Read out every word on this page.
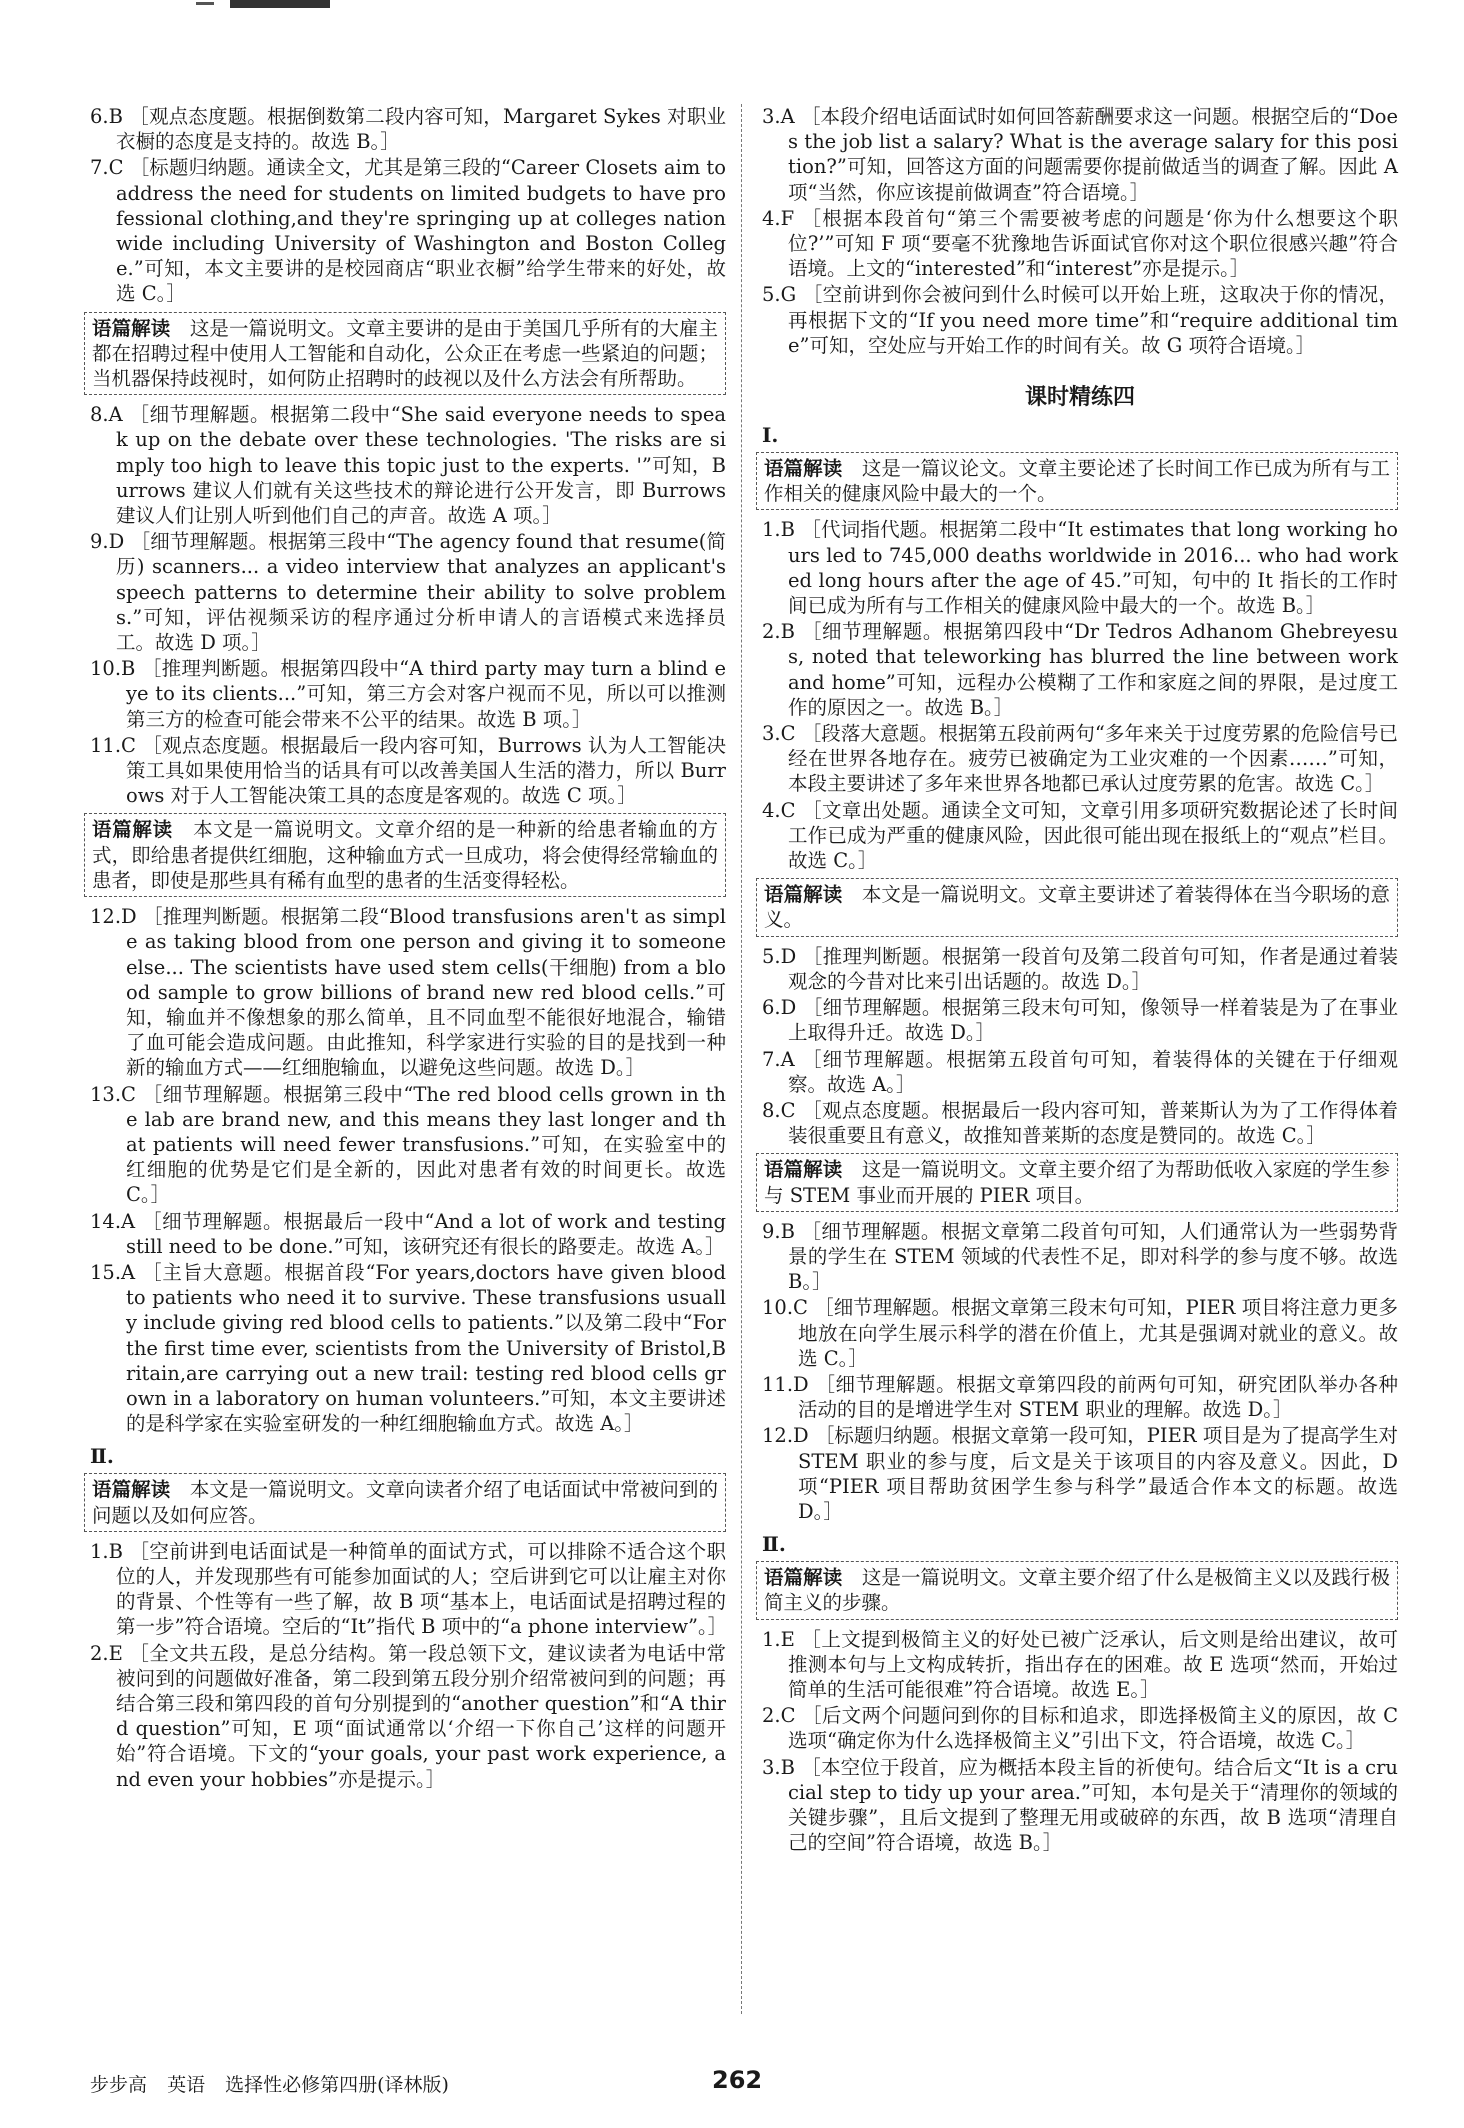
6.B ［观点态度题。根据倒数第二段内容可知，Margaret Sykes 对职业衣橱的态度是支持的。故选 B。］

7.C ［标题归纳题。通读全文，尤其是第三段的“Career Closets aim to address the need for students on limited budgets to have professional clothing,and they're springing up at colleges nationwide including University of Washington and Boston College.”可知，本文主要讲的是校园商店“职业衣橱”给学生带来的好处，故选 C。］

语篇解读　 这是一篇说明文。文章主要讲的是由于美国几乎所有的大雇主都在招聘过程中使用人工智能和自动化，公众正在考虑一些紧迫的问题；当机器保持歧视时，如何防止招聘时的歧视以及什么方法会有所帮助。

8.A ［细节理解题。根据第二段中“She said everyone needs to speak up on the debate over these technologies. 'The risks are simply too high to leave this topic just to the experts. '”可知，Burrows 建议人们就有关这些技术的辩论进行公开发言，即 Burrows 建议人们让别人听到他们自己的声音。故选 A 项。］

9.D ［细节理解题。根据第三段中“The agency found that resume(简历) scanners... a video interview that analyzes an applicant's speech patterns to determine their ability to solve problems.”可知，评估视频采访的程序通过分析申请人的言语模式来选择员工。故选 D 项。］

10.B ［推理判断题。根据第四段中“A third party may turn a blind eye to its clients...”可知，第三方会对客户视而不见，所以可以推测第三方的检查可能会带来不公平的结果。故选 B 项。］

11.C ［观点态度题。根据最后一段内容可知，Burrows 认为人工智能决策工具如果使用恰当的话具有可以改善美国人生活的潜力，所以 Burrows 对于人工智能决策工具的态度是客观的。故选 C 项。］

语篇解读　 本文是一篇说明文。文章介绍的是一种新的给患者输血的方式，即给患者提供红细胞，这种输血方式一旦成功，将会使得经常输血的患者，即使是那些具有稀有血型的患者的生活变得轻松。

12.D ［推理判断题。根据第二段“Blood transfusions aren't as simple as taking blood from one person and giving it to someone else... The scientists have used stem cells(干细胞) from a blood sample to grow billions of brand new red blood cells.”可知，输血并不像想象的那么简单，且不同血型不能很好地混合，输错了血可能会造成问题。由此推知，科学家进行实验的目的是找到一种新的输血方式——红细胞输血，以避免这些问题。故选 D。］

13.C ［细节理解题。根据第三段中“The red blood cells grown in the lab are brand new, and this means they last longer and that patients will need fewer transfusions.”可知，在实验室中的红细胞的优势是它们是全新的，因此对患者有效的时间更长。故选 C。］

14.A ［细节理解题。根据最后一段中“And a lot of work and testing still need to be done.”可知，该研究还有很长的路要走。故选 A。］

15.A ［主旨大意题。根据首段“For years,doctors have given blood to patients who need it to survive. These transfusions usually include giving red blood cells to patients.”以及第二段中“For the first time ever, scientists from the University of Bristol,Britain,are carrying out a new trail: testing red blood cells grown in a laboratory on human volunteers.”可知，本文主要讲述的是科学家在实验室研发的一种红细胞输血方式。故选 A。］

Ⅱ.
语篇解读　 本文是一篇说明文。文章向读者介绍了电话面试中常被问到的问题以及如何应答。

1.B ［空前讲到电话面试是一种简单的面试方式，可以排除不适合这个职位的人，并发现那些有可能参加面试的人；空后讲到它可以让雇主对你的背景、个性等有一些了解，故 B 项“基本上，电话面试是招聘过程的第一步”符合语境。空后的“It”指代 B 项中的“a phone interview”。］

2.E ［全文共五段，是总分结构。第一段总领下文，建议读者为电话中常被问到的问题做好准备，第二段到第五段分别介绍常被问到的问题；再结合第三段和第四段的首句分别提到的“another question”和“A third question”可知，E 项“面试通常以‘介绍一下你自己’这样的问题开始”符合语境。下文的“your goals, your past work experience, and even your hobbies”亦是提示。］

3.A ［本段介绍电话面试时如何回答薪酬要求这一问题。根据空后的“Does the job list a salary? What is the average salary for this position?”可知，回答这方面的问题需要你提前做适当的调查了解。因此 A 项“当然，你应该提前做调查”符合语境。］

4.F ［根据本段首句“第三个需要被考虑的问题是‘你为什么想要这个职位?’”可知 F 项“要毫不犹豫地告诉面试官你对这个职位很感兴趣”符合语境。上文的“interested”和“interest”亦是提示。］

5.G ［空前讲到你会被问到什么时候可以开始上班，这取决于你的情况，再根据下文的“If you need more time”和“require additional time”可知，空处应与开始工作的时间有关。故 G 项符合语境。］

课时精练四
Ⅰ.
语篇解读　 这是一篇议论文。文章主要论述了长时间工作已成为所有与工作相关的健康风险中最大的一个。

1.B ［代词指代题。根据第二段中“It estimates that long working hours led to 745,000 deaths worldwide in 2016... who had worked long hours after the age of 45.”可知，句中的 It 指长的工作时间已成为所有与工作相关的健康风险中最大的一个。故选 B。］

2.B ［细节理解题。根据第四段中“Dr Tedros Adhanom Ghebreyesus, noted that teleworking has blurred the line between work and home”可知，远程办公模糊了工作和家庭之间的界限，是过度工作的原因之一。故选 B。］

3.C ［段落大意题。根据第五段前两句“多年来关于过度劳累的危险信号已经在世界各地存在。疲劳已被确定为工业灾难的一个因素……”可知，本段主要讲述了多年来世界各地都已承认过度劳累的危害。故选 C。］

4.C ［文章出处题。通读全文可知，文章引用多项研究数据论述了长时间工作已成为严重的健康风险，因此很可能出现在报纸上的“观点”栏目。故选 C。］

语篇解读　 本文是一篇说明文。文章主要讲述了着装得体在当今职场的意义。

5.D ［推理判断题。根据第一段首句及第二段首句可知，作者是通过着装观念的今昔对比来引出话题的。故选 D。］

6.D ［细节理解题。根据第三段末句可知，像领导一样着装是为了在事业上取得升迁。故选 D。］

7.A ［细节理解题。根据第五段首句可知，着装得体的关键在于仔细观察。故选 A。］

8.C ［观点态度题。根据最后一段内容可知，普莱斯认为为了工作得体着装很重要且有意义，故推知普莱斯的态度是赞同的。故选 C。］

语篇解读　 这是一篇说明文。文章主要介绍了为帮助低收入家庭的学生参与 STEM 事业而开展的 PIER 项目。

9.B ［细节理解题。根据文章第二段首句可知，人们通常认为一些弱势背景的学生在 STEM 领域的代表性不足，即对科学的参与度不够。故选 B。］

10.C ［细节理解题。根据文章第三段末句可知，PIER 项目将注意力更多地放在向学生展示科学的潜在价值上，尤其是强调对就业的意义。故选 C。］

11.D ［细节理解题。根据文章第四段的前两句可知，研究团队举办各种活动的目的是增进学生对 STEM 职业的理解。故选 D。］

12.D ［标题归纳题。根据文章第一段可知，PIER 项目是为了提高学生对 STEM 职业的参与度，后文是关于该项目的内容及意义。因此，D 项“PIER 项目帮助贫困学生参与科学”最适合作本文的标题。故选 D。］

Ⅱ.
语篇解读　 这是一篇说明文。文章主要介绍了什么是极简主义以及践行极简主义的步骤。

1.E ［上文提到极简主义的好处已被广泛承认，后文则是给出建议，故可推测本句与上文构成转折，指出存在的困难。故 E 选项“然而，开始过简单的生活可能很难”符合语境。故选 E。］

2.C ［后文两个问题问到你的目标和追求，即选择极简主义的原因，故 C 选项“确定你为什么选择极简主义”引出下文，符合语境，故选 C。］

3.B ［本空位于段首，应为概括本段主旨的祈使句。结合后文“It is a crucial step to tidy up your area.”可知，本句是关于“清理你的领域的关键步骤”，且后文提到了整理无用或破碎的东西，故 B 选项“清理自己的空间”符合语境，故选 B。］

步步高 英语 选择性必修第四册(译林版)	262
